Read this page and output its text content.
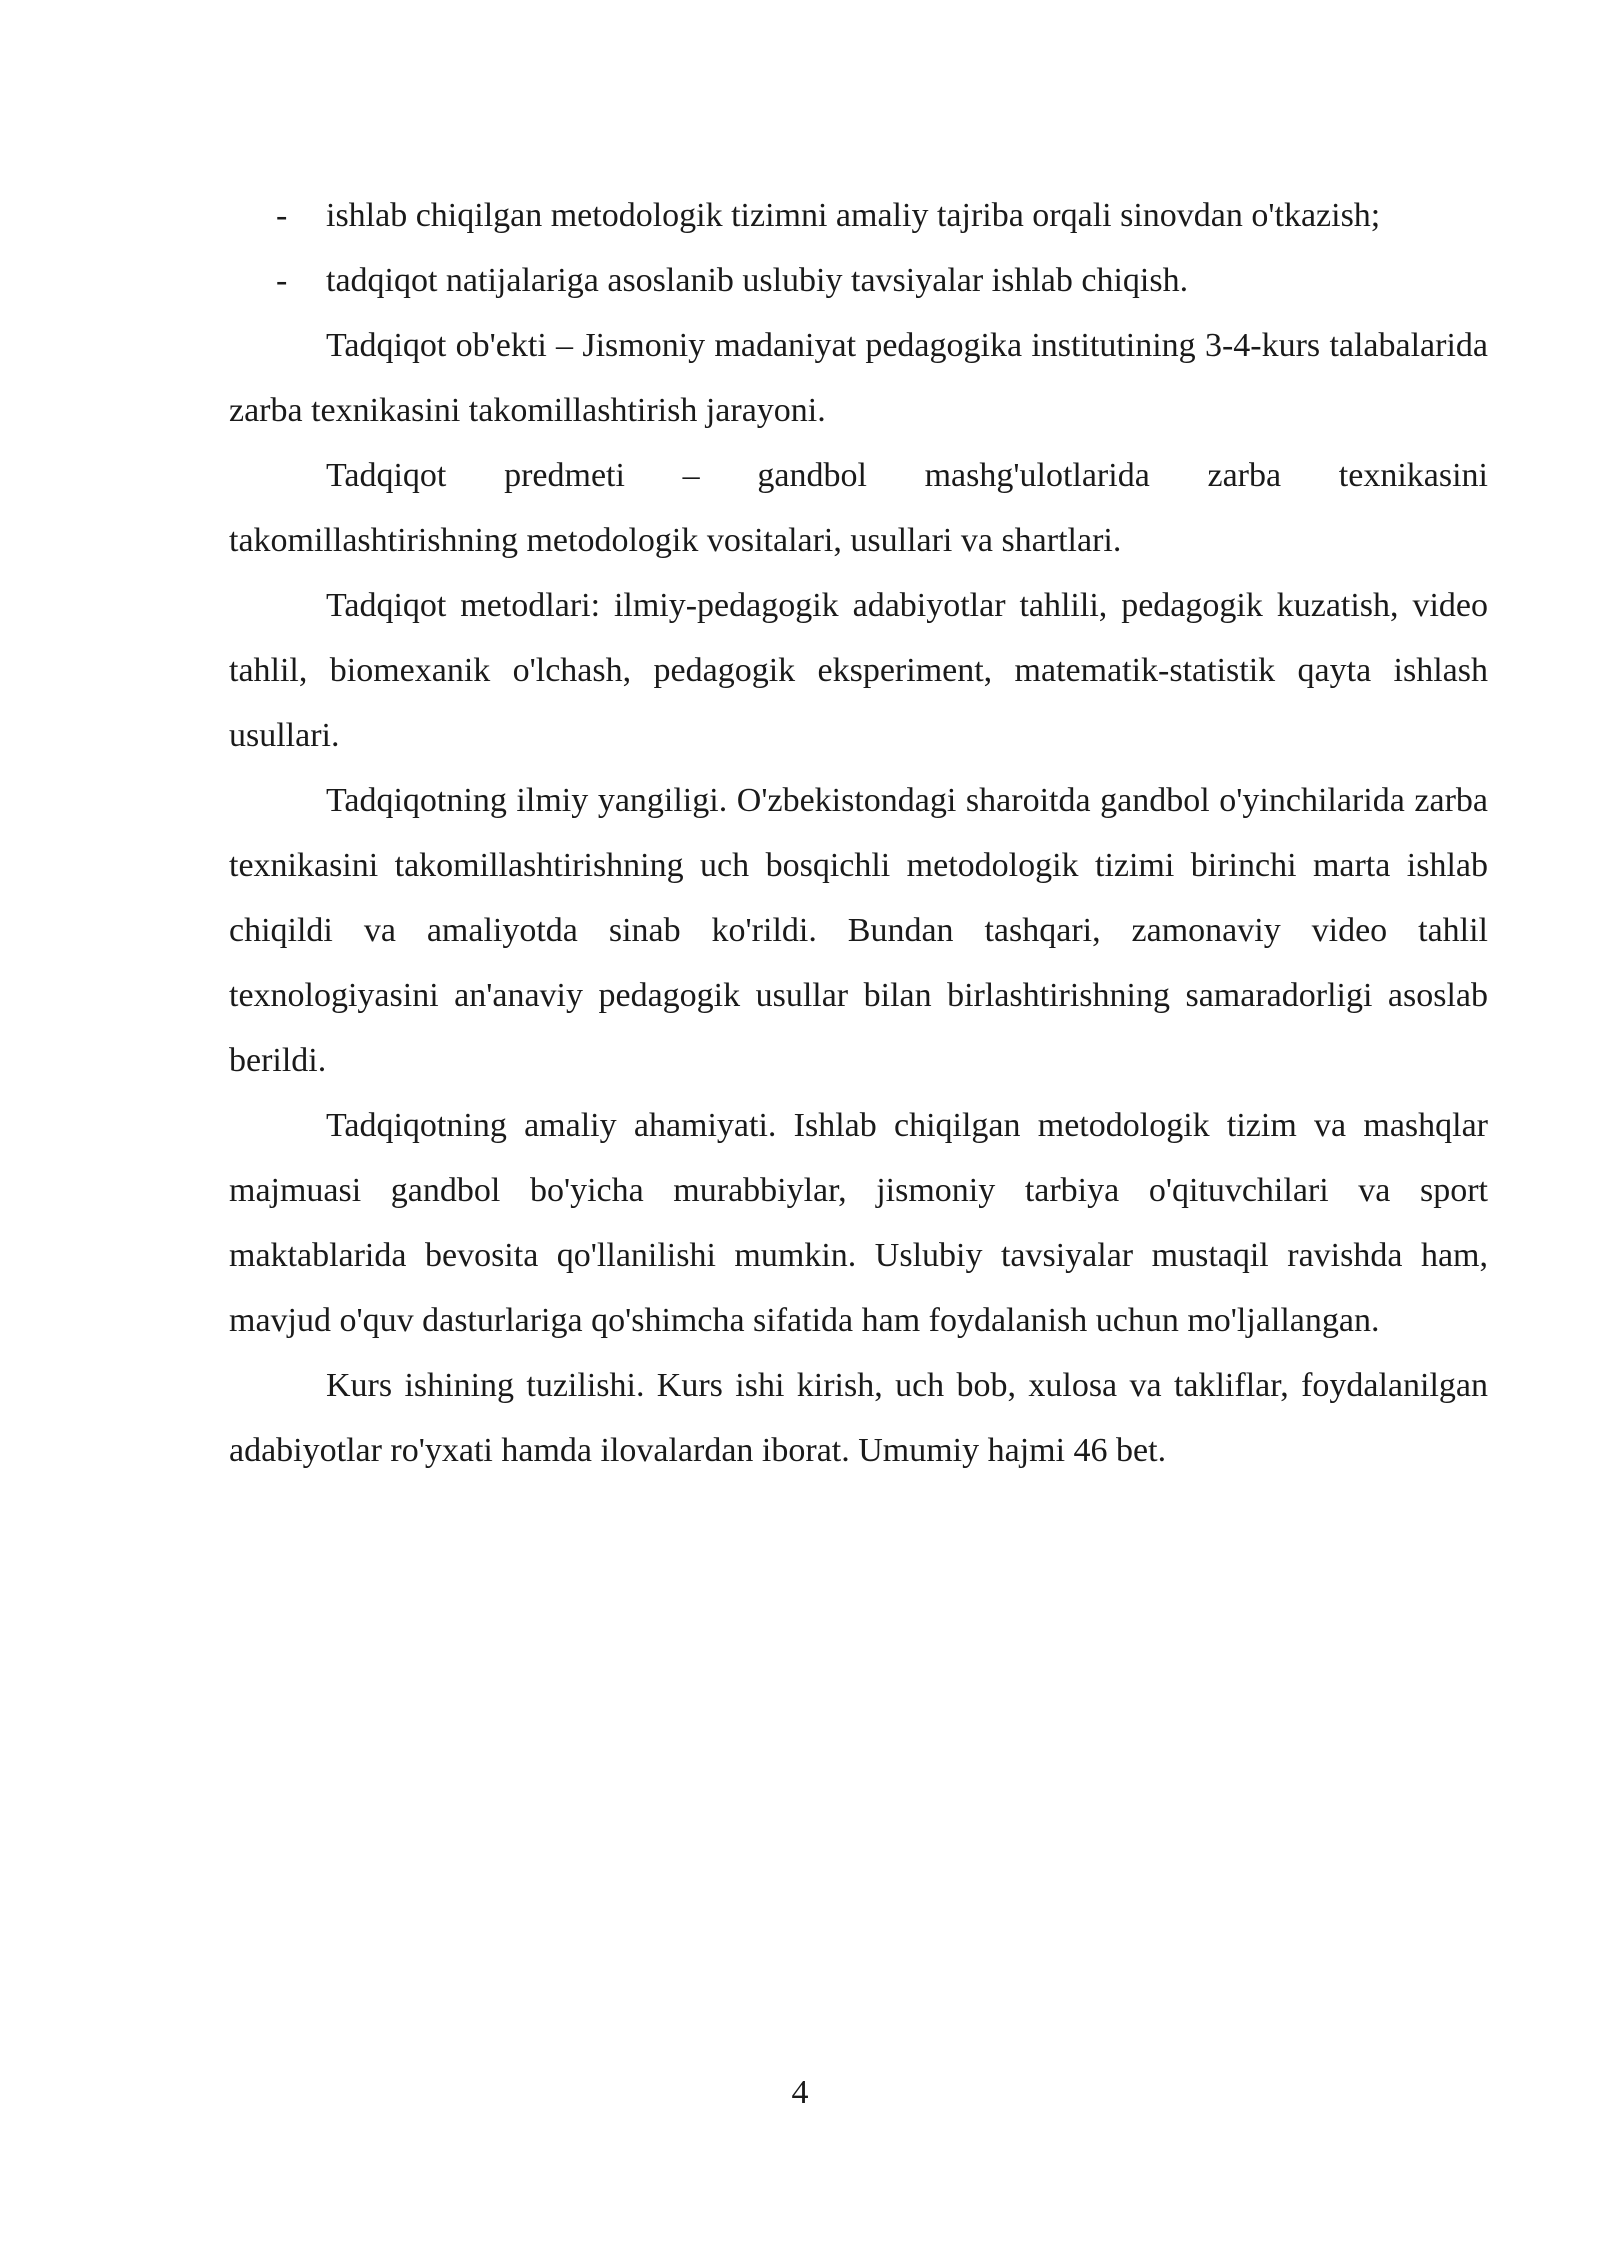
- ishlab chiqilgan metodologik tizimni amaliy tajriba orqali sinovdan o'tkazish;
- tadqiqot natijalariga asoslanib uslubiy tavsiyalar ishlab chiqish.

Tadqiqot ob'ekti – Jismoniy madaniyat pedagogika institutining 3-4-kurs talabalarida zarba texnikasini takomillashtirish jarayoni.

Tadqiqot predmeti – gandbol mashg'ulotlarida zarba texnikasini takomillashtirishning metodologik vositalari, usullari va shartlari.

Tadqiqot metodlari: ilmiy-pedagogik adabiyotlar tahlili, pedagogik kuzatish, video tahlil, biomexanik o'lchash, pedagogik eksperiment, matematik-statistik qayta ishlash usullari.

Tadqiqotning ilmiy yangiligi. O'zbekistondagi sharoitda gandbol o'yinchilarida zarba texnikasini takomillashtirishning uch bosqichli metodologik tizimi birinchi marta ishlab chiqildi va amaliyotda sinab ko'rildi. Bundan tashqari, zamonaviy video tahlil texnologiyasini an'anaviy pedagogik usullar bilan birlashtirishning samaradorligi asoslab berildi.

Tadqiqotning amaliy ahamiyati. Ishlab chiqilgan metodologik tizim va mashqlar majmuasi gandbol bo'yicha murabbiylar, jismoniy tarbiya o'qituvchilari va sport maktablarida bevosita qo'llanilishi mumkin. Uslubiy tavsiyalar mustaqil ravishda ham, mavjud o'quv dasturlariga qo'shimcha sifatida ham foydalanish uchun mo'ljallangan.

Kurs ishining tuzilishi. Kurs ishi kirish, uch bob, xulosa va takliflar, foydalanilgan adabiyotlar ro'yxati hamda ilovalardan iborat. Umumiy hajmi 46 bet.

4
